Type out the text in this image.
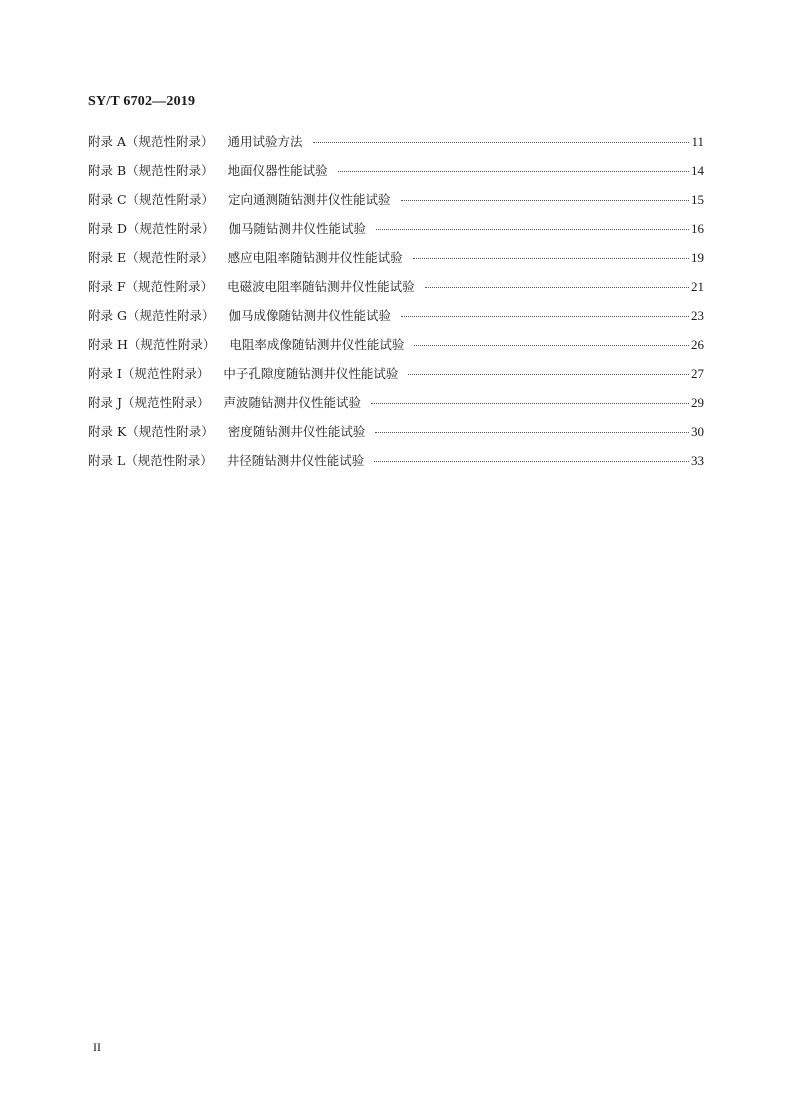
SY/T 6702—2019
附录 A（规范性附录） 通用试验方法	11
附录 B（规范性附录） 地面仪器性能试验	14
附录 C（规范性附录） 定向通测随钻测井仪性能试验	15
附录 D（规范性附录） 伽马随钻测井仪性能试验	16
附录 E（规范性附录） 感应电阻率随钻测井仪性能试验	19
附录 F（规范性附录） 电磁波电阻率随钻测井仪性能试验	21
附录 G（规范性附录） 伽马成像随钻测井仪性能试验	23
附录 H（规范性附录） 电阻率成像随钻测井仪性能试验	26
附录 I（规范性附录） 中子孔隙度随钻测井仪性能试验	27
附录 J（规范性附录） 声波随钻测井仪性能试验	29
附录 K（规范性附录） 密度随钻测井仪性能试验	30
附录 L（规范性附录） 井径随钻测井仪性能试验	33
II
